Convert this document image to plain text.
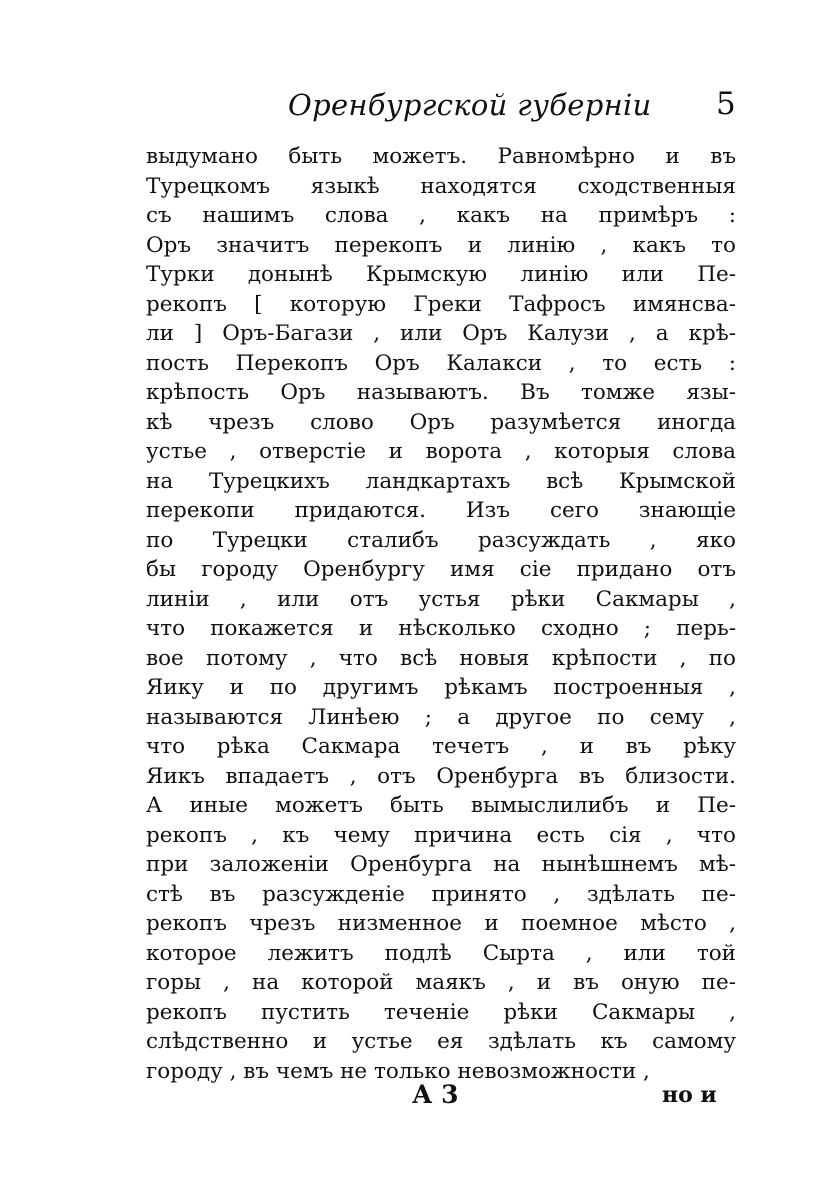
Оренбургской губерніи 5
выдумано быть можетъ. Равномѣрно и въ
Турецкомъ языкѣ находятся сходственныя
съ нашимъ слова , какъ на примѣръ :
Оръ значитъ перекопъ и линію , какъ то
Турки донынѣ Крымскую линію или Пе-
рекопъ [ которую Греки Тафросъ имянсва-
ли ] Оръ-Багази , или Оръ Калузи , а крѣ-
пость Перекопъ Оръ Калакси , то есть :
крѣпость Оръ называютъ. Въ томже язы-
кѣ чрезъ слово Оръ разумѣется иногда
устье , отверстіе и ворота , которыя слова
на Турецкихъ ландкартахъ всѣ Крымской
перекопи придаются. Изъ сего знающіе
по Турецки сталибъ разсуждать , яко
бы городу Оренбургу имя сіе придано отъ
линіи , или отъ устья рѣки Сакмары ,
что покажется и нѣсколько сходно ; перь-
вое потому , что всѣ новыя крѣпости , по
Яику и по другимъ рѣкамъ построенныя ,
называются Линѣею ; а другое по сему ,
что рѣка Сакмара течетъ , и въ рѣку
Яикъ впадаетъ , отъ Оренбурга въ близости.
А иные можетъ быть вымыслилибъ и Пе-
рекопъ , къ чему причина есть сія , что
при заложеніи Оренбурга на нынѣшнемъ мѣ-
стѣ въ разсужденіе принято , здѣлать пе-
рекопъ чрезъ низменное и поемное мѣсто ,
которое лежитъ подлѣ Сырта , или той
горы , на которой маякъ , и въ оную пе-
рекопъ пустить теченіе рѣки Сакмары ,
слѣдственно и устье ея здѣлать къ самому
городу , въ чемъ не только невозможности ,
А 3	но и
